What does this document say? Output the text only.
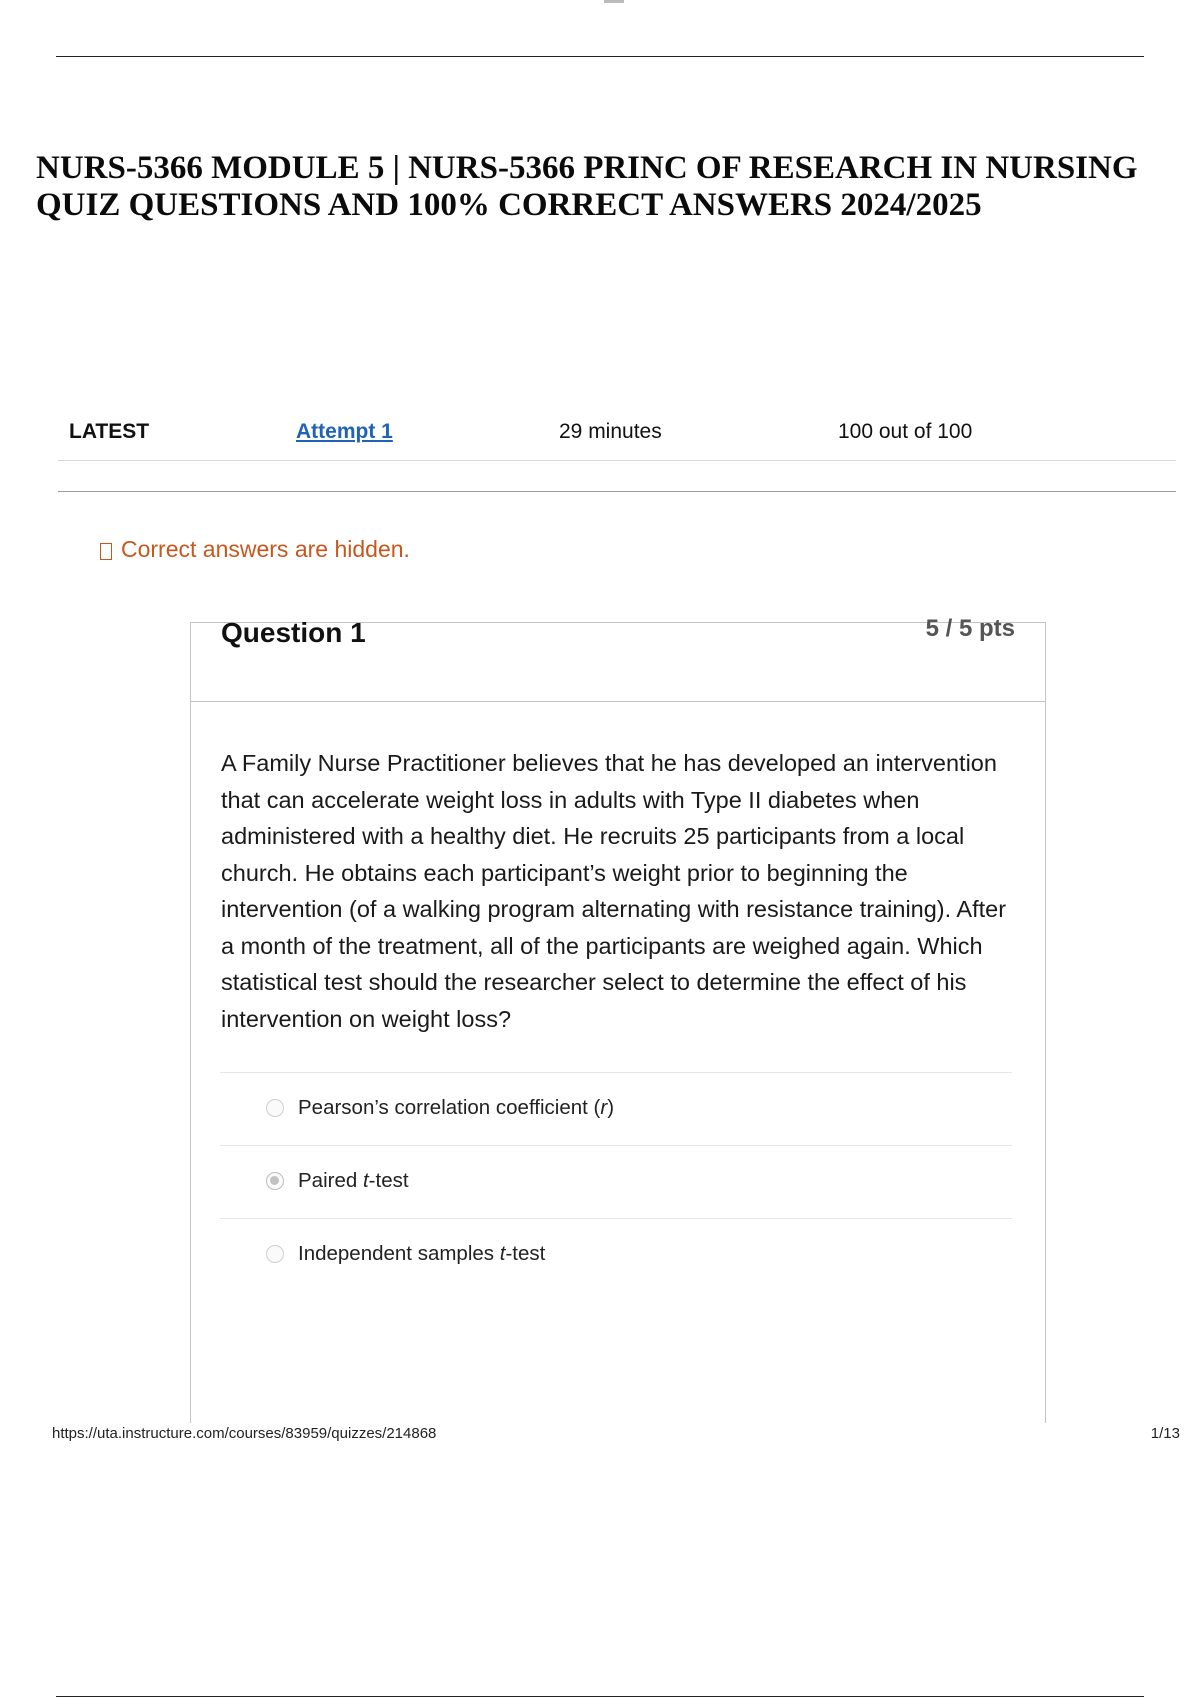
NURS-5366 MODULE 5 | NURS-5366 PRINC OF RESEARCH IN NURSING
QUIZ QUESTIONS AND 100% CORRECT ANSWERS 2024/2025
LATEST	Attempt 1	29 minutes	100 out of 100
Correct answers are hidden.
Question 1	5 / 5 pts

A Family Nurse Practitioner believes that he has developed an intervention that can accelerate weight loss in adults with Type II diabetes when administered with a healthy diet. He recruits 25 participants from a local church. He obtains each participant’s weight prior to beginning the intervention (of a walking program alternating with resistance training). After a month of the treatment, all of the participants are weighed again. Which statistical test should the researcher select to determine the effect of his intervention on weight loss?

Pearson’s correlation coefficient (r)
Paired t-test
Independent samples t-test
https://uta.instructure.com/courses/83959/quizzes/214868	1/13
